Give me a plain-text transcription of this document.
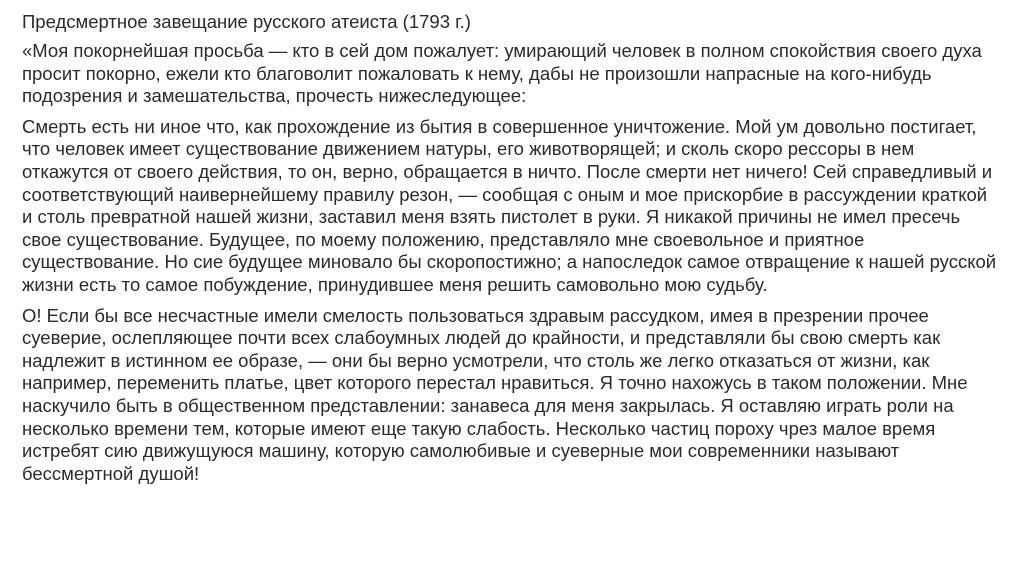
Предсмертное завещание русского атеиста (1793 г.)

«Моя покорнейшая просьба — кто в сей дом пожалует: умирающий человек в полном спокойствия своего духа просит покорно, ежели кто благоволит пожаловать к нему, дабы не произошли напрасные на кого-нибудь подозрения и замешательства, прочесть нижеследующее:

Смерть есть ни иное что, как прохождение из бытия в совершенное уничтожение. Мой ум довольно постигает, что человек имеет существование движением натуры, его животворящей; и сколь скоро рессоры в нем откажутся от своего действия, то он, верно, обращается в ничто. После смерти нет ничего! Сей справедливый и соответствующий наивернейшему правилу резон, — сообщая с оным и мое прискорбие в рассуждении краткой и столь превратной нашей жизни, заставил меня взять пистолет в руки. Я никакой причины не имел пресечь свое существование. Будущее, по моему положению, представляло мне своевольное и приятное существование. Но сие будущее миновало бы скоропостижно; а напоследок самое отвращение к нашей русской жизни есть то самое побуждение, принудившее меня решить самовольно мою судьбу.

О! Если бы все несчастные имели смелость пользоваться здравым рассудком, имея в презрении прочее суеверие, ослепляющее почти всех слабоумных людей до крайности, и представляли бы свою смерть как надлежит в истинном ее образе, — они бы верно усмотрели, что столь же легко отказаться от жизни, как например, переменить платье, цвет которого перестал нравиться. Я точно нахожусь в таком положении. Мне наскучило быть в общественном представлении: занавеса для меня закрылась. Я оставляю играть роли на несколько времени тем, которые имеют еще такую слабость. Несколько частиц пороху чрез малое время истребят сию движущуюся машину, которую самолюбивые и суеверные мои современники называют бессмертной душой!
